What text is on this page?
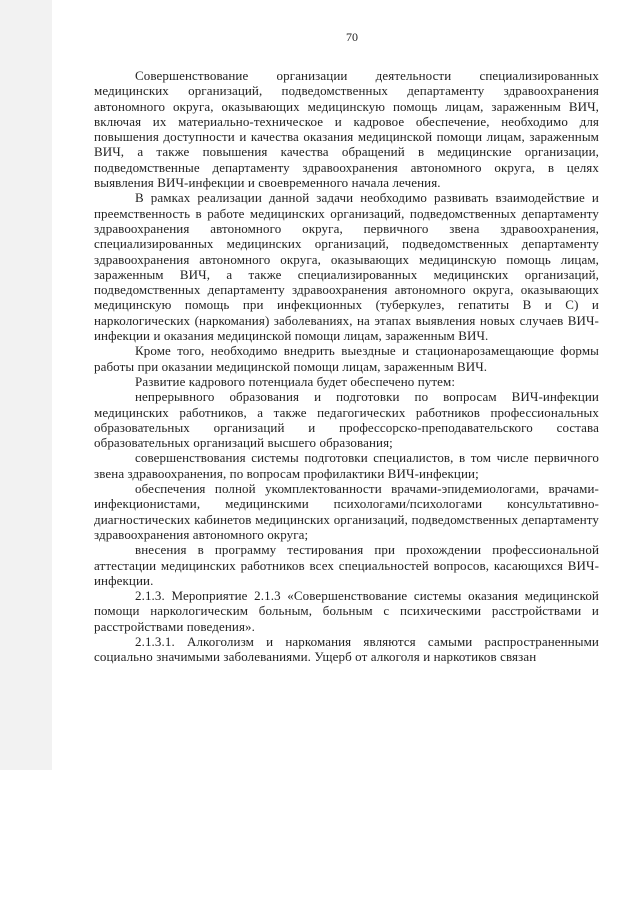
70

Совершенствование организации деятельности специализированных медицинских организаций, подведомственных департаменту здравоохранения автономного округа, оказывающих медицинскую помощь лицам, зараженным ВИЧ, включая их материально-техническое и кадровое обеспечение, необходимо для повышения доступности и качества оказания медицинской помощи лицам, зараженным ВИЧ, а также повышения качества обращений в медицинские организации, подведомственные департаменту здравоохранения автономного округа, в целях выявления ВИЧ-инфекции и своевременного начала лечения.

В рамках реализации данной задачи необходимо развивать взаимодействие и преемственность в работе медицинских организаций, подведомственных департаменту здравоохранения автономного округа, первичного звена здравоохранения, специализированных медицинских организаций, подведомственных департаменту здравоохранения автономного округа, оказывающих медицинскую помощь лицам, зараженным ВИЧ, а также специализированных медицинских организаций, подведомственных департаменту здравоохранения автономного округа, оказывающих медицинскую помощь при инфекционных (туберкулез, гепатиты B и C) и наркологических (наркомания) заболеваниях, на этапах выявления новых случаев ВИЧ-инфекции и оказания медицинской помощи лицам, зараженным ВИЧ.

Кроме того, необходимо внедрить выездные и стационарозамещающие формы работы при оказании медицинской помощи лицам, зараженным ВИЧ.

Развитие кадрового потенциала будет обеспечено путем:

непрерывного образования и подготовки по вопросам ВИЧ-инфекции медицинских работников, а также педагогических работников профессиональных образовательных организаций и профессорско-преподавательского состава образовательных организаций высшего образования;

совершенствования системы подготовки специалистов, в том числе первичного звена здравоохранения, по вопросам профилактики ВИЧ-инфекции;

обеспечения полной укомплектованности врачами-эпидемиологами, врачами-инфекционистами, медицинскими психологами/психологами консультативно-диагностических кабинетов медицинских организаций, подведомственных департаменту здравоохранения автономного округа;

внесения в программу тестирования при прохождении профессиональной аттестации медицинских работников всех специальностей вопросов, касающихся ВИЧ-инфекции.

2.1.3. Мероприятие 2.1.3 «Совершенствование системы оказания медицинской помощи наркологическим больным, больным с психическими расстройствами и расстройствами поведения».

2.1.3.1. Алкоголизм и наркомания являются самыми распространенными социально значимыми заболеваниями. Ущерб от алкоголя и наркотиков связан
